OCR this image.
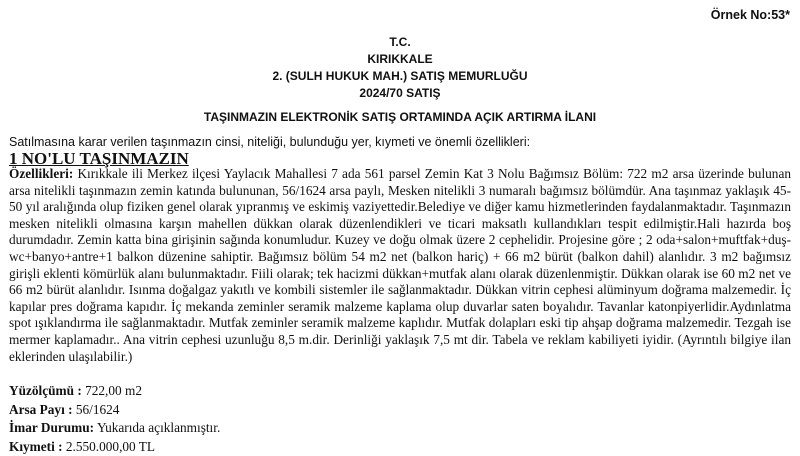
Örnek No:53*
T.C.
KIRIKKALE
2. (SULH HUKUK MAH.) SATIŞ MEMURLUĞU
2024/70 SATIŞ
TAŞINMAZIN ELEKTRONİK SATIŞ ORTAMINDA AÇIK ARTIRMA İLANI
Satılmasına karar verilen taşınmazın cinsi, niteliği, bulunduğu yer, kıymeti ve önemli özellikleri:
1 NO'LU TAŞINMAZIN
Özellikleri: Kırıkkale ili Merkez ilçesi Yaylacık Mahallesi 7 ada 561 parsel Zemin Kat 3 Nolu Bağımsız Bölüm: 722 m2 arsa üzerinde bulunan arsa nitelikli taşınmazın zemin katında bulununan, 56/1624 arsa paylı, Mesken nitelikli 3 numaralı bağımsız bölümdür. Ana taşınmaz yaklaşık 45-50 yıl aralığında olup fiziken genel olarak yıpranmış ve eskimiş vaziyettedir.Belediye ve diğer kamu hizmetlerinden faydalanmaktadır. Taşınmazın mesken nitelikli olmasına karşın mahellen dükkan olarak düzenlendikleri ve ticari maksatlı kullandıkları tespit edilmiştir.Hali hazırda boş durumdadır. Zemin katta bina girişinin sağında konumludur. Kuzey ve doğu olmak üzere 2 cephelidir. Projesine göre ; 2 oda+salon+muftfak+duş-wc+banyo+antre+1 balkon düzenine sahiptir. Bağımsız bölüm 54 m2 net (balkon hariç) + 66 m2 bürüt (balkon dahil) alanlıdır. 3 m2 bağımsız girişli eklenti kömürlük alanı bulunmaktadır. Fiili olarak; tek hacizmi dükkan+mutfak alanı olarak düzenlenmiştir. Dükkan olarak ise 60 m2 net ve 66 m2 bürüt alanlıdır. Isınma doğalgaz yakıtlı ve kombili sistemler ile sağlanmaktadır. Dükkan vitrin cephesi alüminyum doğrama malzemedir. İç kapılar pres doğrama kapıdır. İç mekanda zeminler seramik malzeme kaplama olup duvarlar saten boyalıdır. Tavanlar katonpiyerlidir.Aydınlatma spot ışıklandırma ile sağlanmaktadır. Mutfak zeminler seramik malzeme kaplıdır. Mutfak dolapları eski tip ahşap doğrama malzemedir. Tezgah ise mermer kaplamadır.. Ana vitrin cephesi uzunluğu 8,5 m.dir. Derinliği yaklaşık 7,5 mt dir. Tabela ve reklam kabiliyeti iyidir. (Ayrıntılı bilgiye ilan eklerinden ulaşılabilir.)
Yüzölçümü : 722,00 m2
Arsa Payı : 56/1624
İmar Durumu: Yukarıda açıklanmıştır.
Kıymeti : 2.550.000,00 TL
